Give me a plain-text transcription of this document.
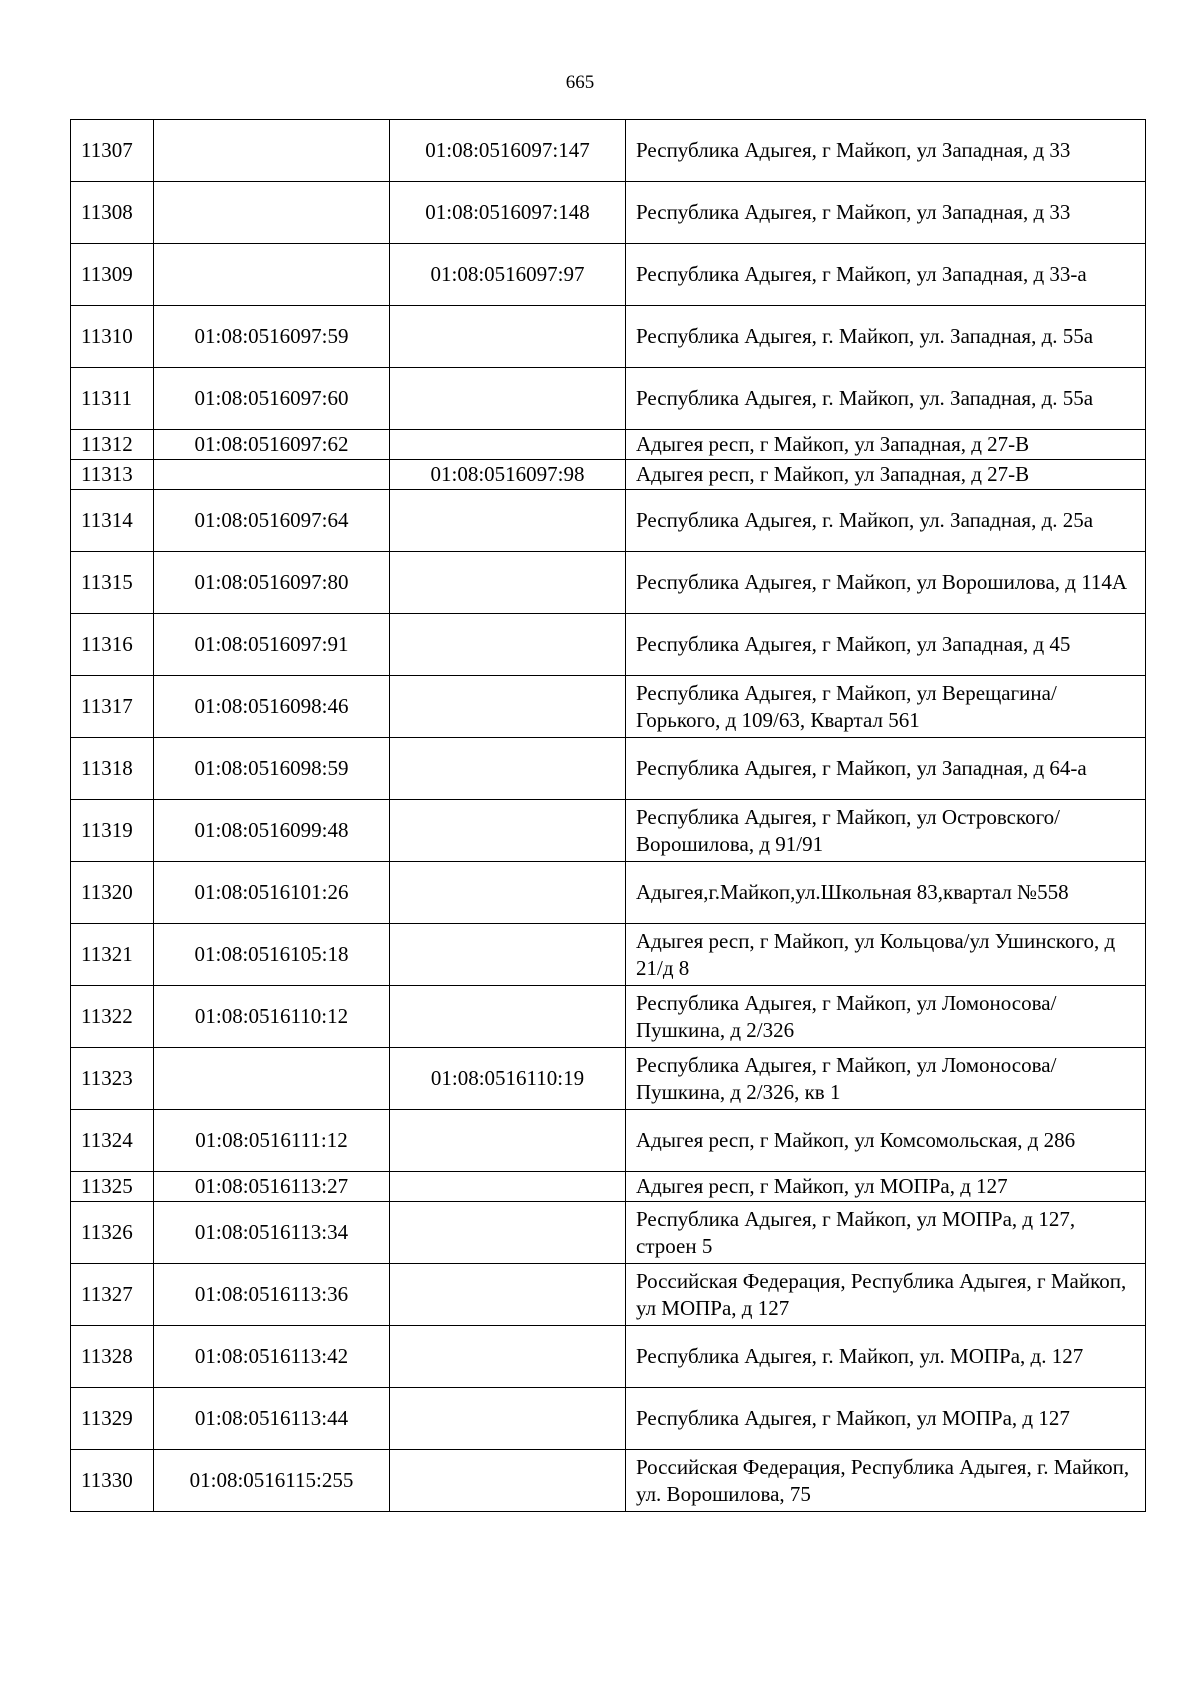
665
11307		01:08:0516097:147	Республика Адыгея, г Майкоп, ул Западная, д 33
11308		01:08:0516097:148	Республика Адыгея, г Майкоп, ул Западная, д 33
11309		01:08:0516097:97	Республика Адыгея, г Майкоп, ул Западная, д 33-а
11310	01:08:0516097:59		Республика Адыгея, г. Майкоп, ул. Западная, д. 55а
11311	01:08:0516097:60		Республика Адыгея, г. Майкоп, ул. Западная, д. 55а
11312	01:08:0516097:62		Адыгея респ, г Майкоп, ул Западная, д 27-В
11313		01:08:0516097:98	Адыгея респ, г Майкоп, ул Западная, д 27-В
11314	01:08:0516097:64		Республика Адыгея, г. Майкоп, ул. Западная, д. 25а
11315	01:08:0516097:80		Республика Адыгея, г Майкоп, ул Ворошилова, д 114А
11316	01:08:0516097:91		Республика Адыгея, г Майкоп, ул Западная, д 45
11317	01:08:0516098:46		Республика Адыгея, г Майкоп, ул Верещагина/Горького, д 109/63, Квартал 561
11318	01:08:0516098:59		Республика Адыгея, г Майкоп, ул Западная, д 64-а
11319	01:08:0516099:48		Республика Адыгея, г Майкоп, ул Островского/Ворошилова, д 91/91
11320	01:08:0516101:26		Адыгея,г.Майкоп,ул.Школьная 83,квартал №558
11321	01:08:0516105:18		Адыгея респ, г Майкоп, ул Кольцова/ул Ушинского, д 21/д 8
11322	01:08:0516110:12		Республика Адыгея, г Майкоп, ул Ломоносова/Пушкина, д 2/326
11323		01:08:0516110:19	Республика Адыгея, г Майкоп, ул Ломоносова/Пушкина, д 2/326, кв 1
11324	01:08:0516111:12		Адыгея респ, г Майкоп, ул Комсомольская, д 286
11325	01:08:0516113:27		Адыгея респ, г Майкоп, ул МОПРа, д 127
11326	01:08:0516113:34		Республика Адыгея, г Майкоп, ул МОПРа, д 127, строен 5
11327	01:08:0516113:36		Российская Федерация, Республика Адыгея, г Майкоп, ул МОПРа, д 127
11328	01:08:0516113:42		Республика Адыгея, г. Майкоп, ул. МОПРа, д. 127
11329	01:08:0516113:44		Республика Адыгея, г Майкоп, ул МОПРа, д 127
11330	01:08:0516115:255		Российская Федерация, Республика Адыгея, г. Майкоп, ул. Ворошилова, 75
